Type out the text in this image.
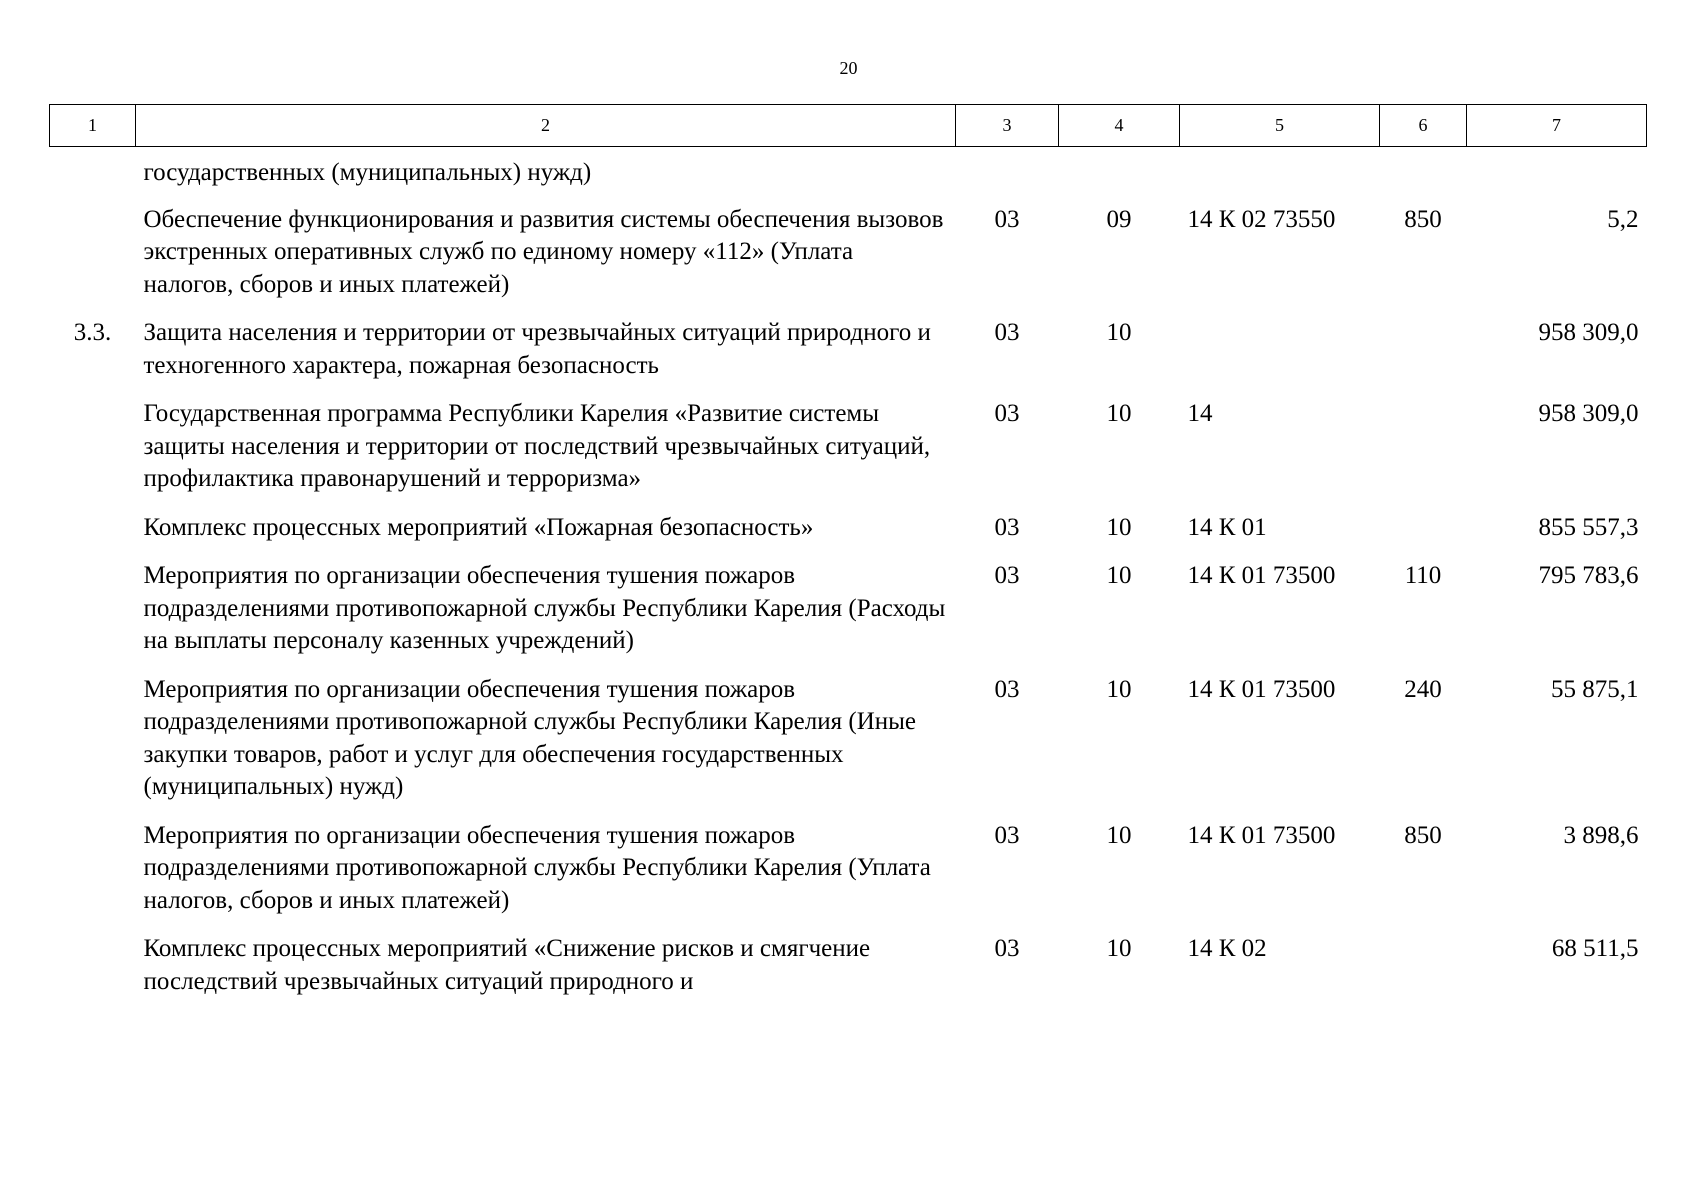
20
1	2	3	4	5	6	7
	государственных (муниципальных) нужд)					
	Обеспечение функционирования и развития системы обеспечения вызовов экстренных оперативных служб по единому номеру «112» (Уплата налогов, сборов и иных платежей)	03	09	14 К 02 73550	850	5,2
3.3.	Защита населения и территории от чрезвычайных ситуаций природного и техногенного характера, пожарная безопасность	03	10			958 309,0
	Государственная программа Республики Карелия «Развитие системы защиты населения и территории от последствий чрезвычайных ситуаций, профилактика правонарушений и терроризма»	03	10	14		958 309,0
	Комплекс процессных мероприятий «Пожарная безопасность»	03	10	14 К 01		855 557,3
	Мероприятия по организации обеспечения тушения пожаров подразделениями противопожарной службы Республики Карелия (Расходы на выплаты персоналу казенных учреждений)	03	10	14 К 01 73500	110	795 783,6
	Мероприятия по организации обеспечения тушения пожаров подразделениями противопожарной службы Республики Карелия (Иные закупки товаров, работ и услуг для обеспечения государственных (муниципальных) нужд)	03	10	14 К 01 73500	240	55 875,1
	Мероприятия по организации обеспечения тушения пожаров подразделениями противопожарной службы Республики Карелия (Уплата налогов, сборов и иных платежей)	03	10	14 К 01 73500	850	3 898,6
	Комплекс процессных мероприятий «Снижение рисков и смягчение последствий чрезвычайных ситуаций природного и	03	10	14 К 02		68 511,5
